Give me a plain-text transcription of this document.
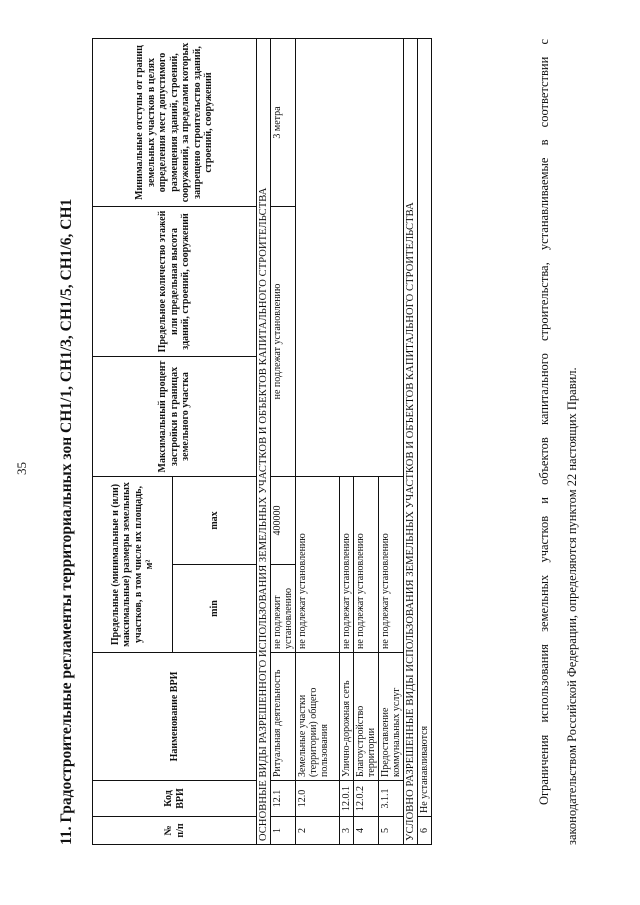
35 11. Градостроительные регламенты территориальных зон СН1/1, СН1/3, СН1/5, СН1/6, СН1	№ п/п	Код ВРИ	Наименование ВРИ	Предельные (минимальные и (или) максимальные) размеры земельных участков, в том числе их площадь, м²		Максимальный процент застройки в границах земельного участка	Предельное количество этажей или предельная высота зданий, строений, сооружений	Минимальные отступы от границ земельных участков в целях определения мест допустимого размещения зданий, строений, сооружений, за пределами которых запрещено строительство зданий, строений, сооружений
			min	max			
ОСНОВНЫЕ ВИДЫ РАЗРЕШЕННОГО ИСПОЛЬЗОВАНИЯ ЗЕМЕЛЬНЫХ УЧАСТКОВ И ОБЪЕКТОВ КАПИТАЛЬНОГО СТРОИТЕЛЬСТВА							
1	12.1	Ритуальная деятельность	не подлежит установлению	400000	не подлежат установлению		3 метра
2	12.0	Земельные участки (территории) общего пользования	не подлежат установлению				
3	12.0.1	Улично-дорожная сеть	не подлежат установлению				
4	12.0.2	Благоустройство территории	не подлежат установлению				
5	3.1.1	Предоставление коммунальных услуг	не подлежат установлению				
УСЛОВНО РАЗРЕШЕННЫЕ ВИДЫ ИСПОЛЬЗОВАНИЯ ЗЕМЕЛЬНЫХ УЧАСТКОВ И ОБЪЕКТОВ КАПИТАЛЬНОГО СТРОИТЕЛЬСТВА							
6	Не устанавливаются							Ограничения использования земельных участков и объектов капитального строительства, устанавливаемые в соответствии с законодательством Российской Федерации, определяются пунктом 22 настоящих Правил.
